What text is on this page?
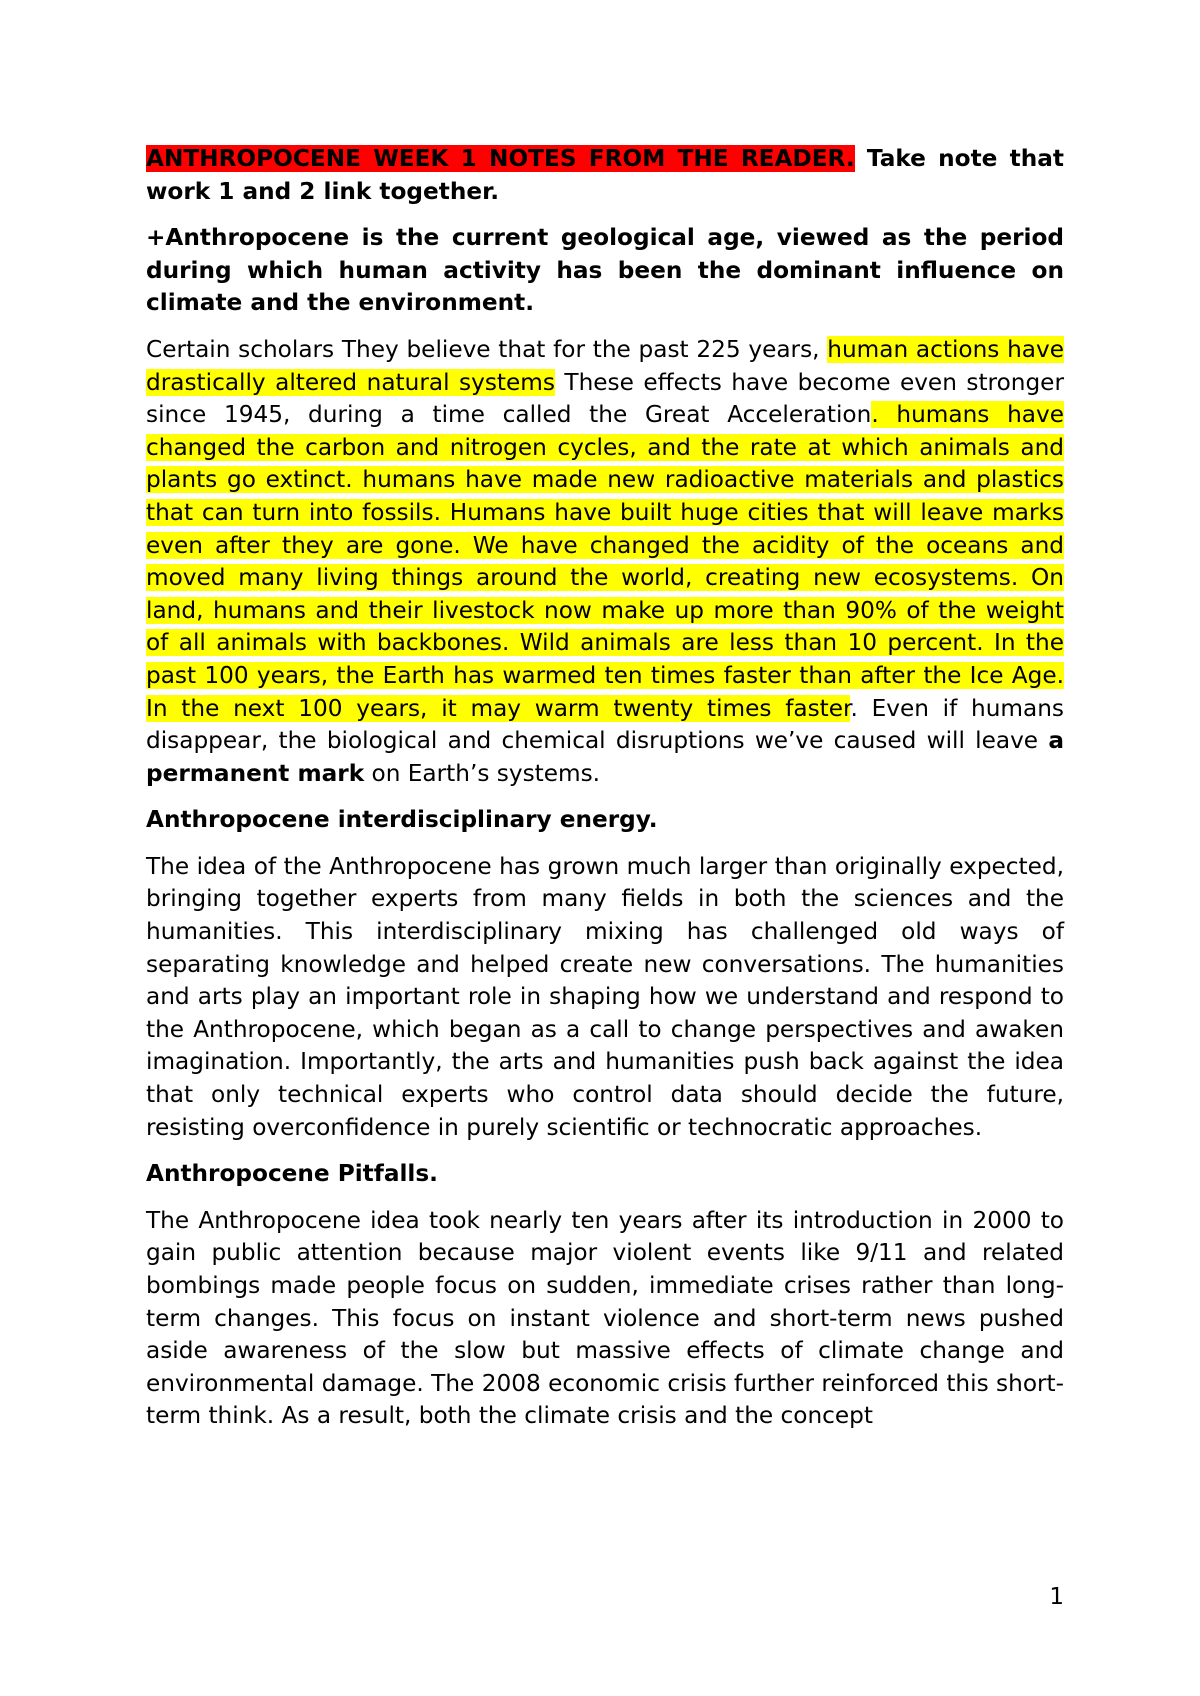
ANTHROPOCENE WEEK 1 NOTES FROM THE READER. Take note that work 1 and 2 link together.

+Anthropocene is the current geological age, viewed as the period during which human activity has been the dominant influence on climate and the environment.

Certain scholars They believe that for the past 225 years, human actions have drastically altered natural systems These effects have become even stronger since 1945, during a time called the Great Acceleration. humans have changed the carbon and nitrogen cycles, and the rate at which animals and plants go extinct. humans have made new radioactive materials and plastics that can turn into fossils. Humans have built huge cities that will leave marks even after they are gone. We have changed the acidity of the oceans and moved many living things around the world, creating new ecosystems. On land, humans and their livestock now make up more than 90% of the weight of all animals with backbones. Wild animals are less than 10 percent. In the past 100 years, the Earth has warmed ten times faster than after the Ice Age. In the next 100 years, it may warm twenty times faster. Even if humans disappear, the biological and chemical disruptions we’ve caused will leave a permanent mark on Earth’s systems.

Anthropocene interdisciplinary energy.

The idea of the Anthropocene has grown much larger than originally expected, bringing together experts from many fields in both the sciences and the humanities. This interdisciplinary mixing has challenged old ways of separating knowledge and helped create new conversations. The humanities and arts play an important role in shaping how we understand and respond to the Anthropocene, which began as a call to change perspectives and awaken imagination. Importantly, the arts and humanities push back against the idea that only technical experts who control data should decide the future, resisting overconfidence in purely scientific or technocratic approaches.

Anthropocene Pitfalls.

The Anthropocene idea took nearly ten years after its introduction in 2000 to gain public attention because major violent events like 9/11 and related bombings made people focus on sudden, immediate crises rather than long-term changes. This focus on instant violence and short-term news pushed aside awareness of the slow but massive effects of climate change and environmental damage. The 2008 economic crisis further reinforced this short-term think. As a result, both the climate crisis and the concept

1
